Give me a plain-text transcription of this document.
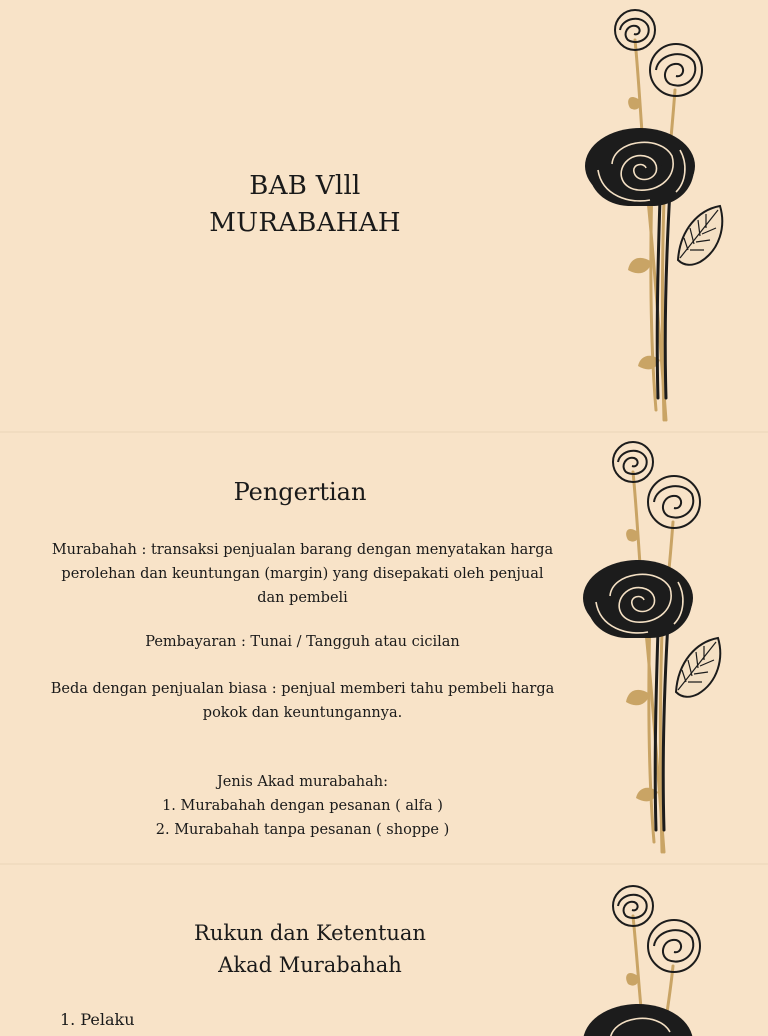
BAB Vlll
MURABAHAH
Pengertian
Murabahah : transaksi penjualan barang dengan menyatakan harga
perolehan dan keuntungan (margin) yang disepakati oleh penjual
dan pembeli
Pembayaran : Tunai / Tangguh atau cicilan
Beda dengan penjualan biasa : penjual memberi tahu pembeli harga
pokok dan keuntungannya.
Jenis Akad murabahah:
1. Murabahah dengan pesanan ( alfa )
2. Murabahah tanpa pesanan ( shoppe )
Rukun dan Ketentuan
Akad Murabahah
1. Pelaku
